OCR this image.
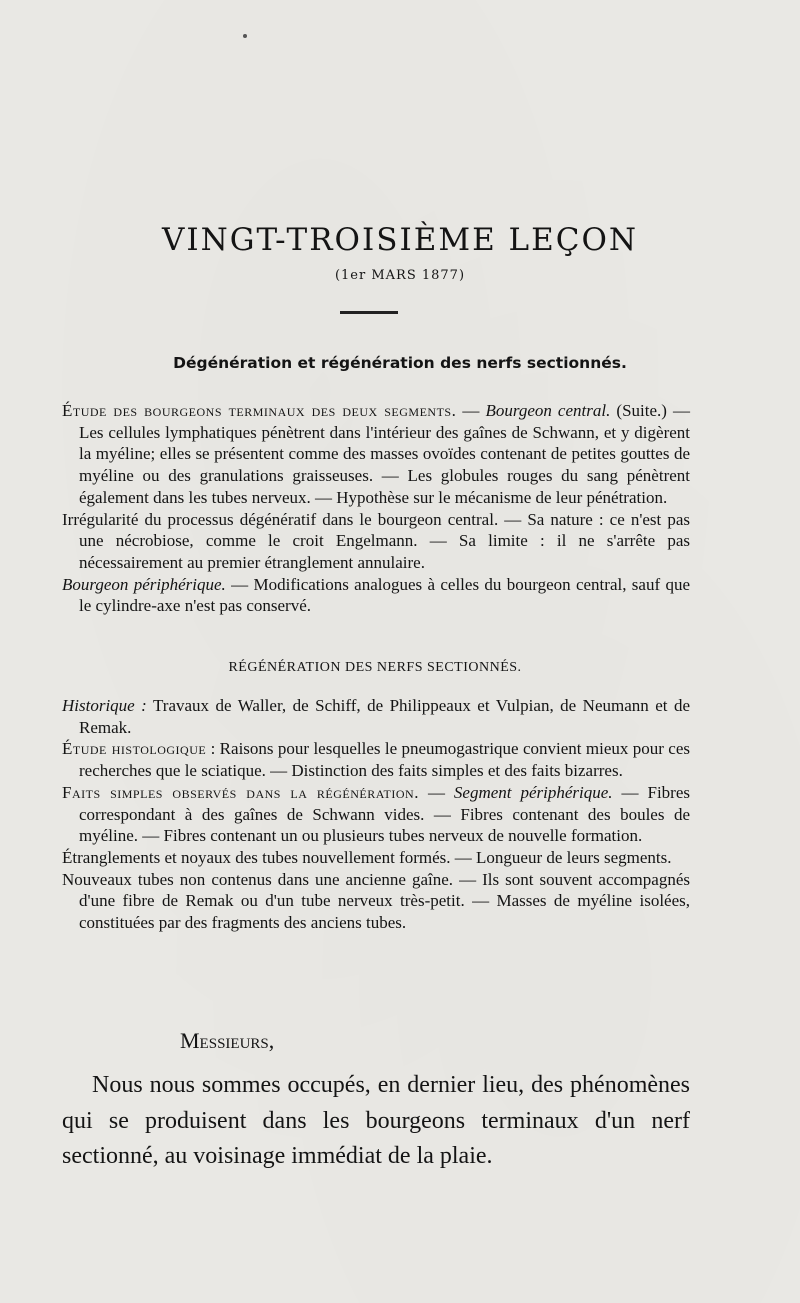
VINGT-TROISIÈME LEÇON
(1er MARS 1877)
Dégénération et régénération des nerfs sectionnés.

Étude des bourgeons terminaux des deux segments. — Bourgeon central. (Suite.) — Les cellules lymphatiques pénètrent dans l'intérieur des gaînes de Schwann, et y digèrent la myéline; elles se présentent comme des masses ovoïdes contenant de petites gouttes de myéline ou des granulations graisseuses. — Les globules rouges du sang pénètrent également dans les tubes nerveux. — Hypothèse sur le mécanisme de leur pénétration.

Irrégularité du processus dégénératif dans le bourgeon central. — Sa nature : ce n'est pas une nécrobiose, comme le croit Engelmann. — Sa limite : il ne s'arrête pas nécessairement au premier étranglement annulaire.

Bourgeon périphérique. — Modifications analogues à celles du bourgeon central, sauf que le cylindre-axe n'est pas conservé.

RÉGÉNÉRATION DES NERFS SECTIONNÉS.

Historique : Travaux de Waller, de Schiff, de Philippeaux et Vulpian, de Neumann et de Remak.

Étude histologique : Raisons pour lesquelles le pneumogastrique convient mieux pour ces recherches que le sciatique. — Distinction des faits simples et des faits bizarres.

Faits simples observés dans la régénération. — Segment périphérique. — Fibres correspondant à des gaînes de Schwann vides. — Fibres contenant des boules de myéline. — Fibres contenant un ou plusieurs tubes nerveux de nouvelle formation.

Étranglements et noyaux des tubes nouvellement formés. — Longueur de leurs segments.

Nouveaux tubes non contenus dans une ancienne gaîne. — Ils sont souvent accompagnés d'une fibre de Remak ou d'un tube nerveux très-petit. — Masses de myéline isolées, constituées par des fragments des anciens tubes.

Messieurs,
Nous nous sommes occupés, en dernier lieu, des phénomènes qui se produisent dans les bourgeons terminaux d'un nerf sectionné, au voisinage immédiat de la plaie.
